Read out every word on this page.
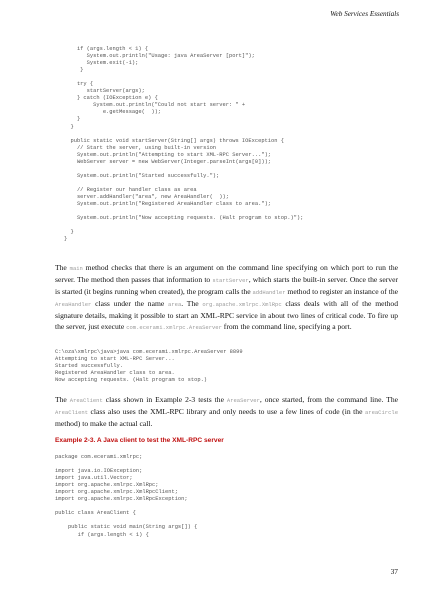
Web Services Essentials
if (args.length < 1) {
System.out.println("Usage: java AreaServer [port]");
System.exit(-1);
}

try {
startServer(args);
} catch (IOException e) {
System.out.println("Could not start server: " +
e.getMessage(  ));
}
}

public static void startServer(String[] args) throws IOException {
// Start the server, using built-in version
System.out.println("Attempting to start XML-RPC Server...");
WebServer server = new WebServer(Integer.parseInt(args[0]));

System.out.println("Started successfully.");

// Register our handler class as area
server.addHandler("area", new AreaHandler(  ));
System.out.println("Registered AreaHandler class to area.");

System.out.println("Now accepting requests. (Halt program to stop.)");

}
}

The main method checks that there is an argument on the command line specifying on which port to run the server. The method then passes that information to startServer, which starts the built-in server. Once the server is started (it begins running when created), the program calls the addHandler method to register an instance of the AreaHandler class under the name area. The org.apache.xmlrpc.XmlRpc class deals with all of the method signature details, making it possible to start an XML-RPC service in about two lines of critical code. To fire up the server, just execute com.ecerami.xmlrpc.AreaServer from the command line, specifying a port.

C:\oza\xmlrpc\java>java com.ecerami.xmlrpc.AreaServer 8899
Attempting to start XML-RPC Server...
Started successfully.
Registered AreaHandler class to area.
Now accepting requests. (Halt program to stop.)

The AreaClient class shown in Example 2-3 tests the AreaServer, once started, from the command line. The AreaClient class also uses the XML-RPC library and only needs to use a few lines of code (in the areaCircle method) to make the actual call.

Example 2-3. A Java client to test the XML-RPC server
package com.ecerami.xmlrpc;

import java.io.IOException;
import java.util.Vector;
import org.apache.xmlrpc.XmlRpc;
import org.apache.xmlrpc.XmlRpcClient;
import org.apache.xmlrpc.XmlRpcException;

public class AreaClient {

public static void main(String args[]) {
if (args.length < 1) {
37
